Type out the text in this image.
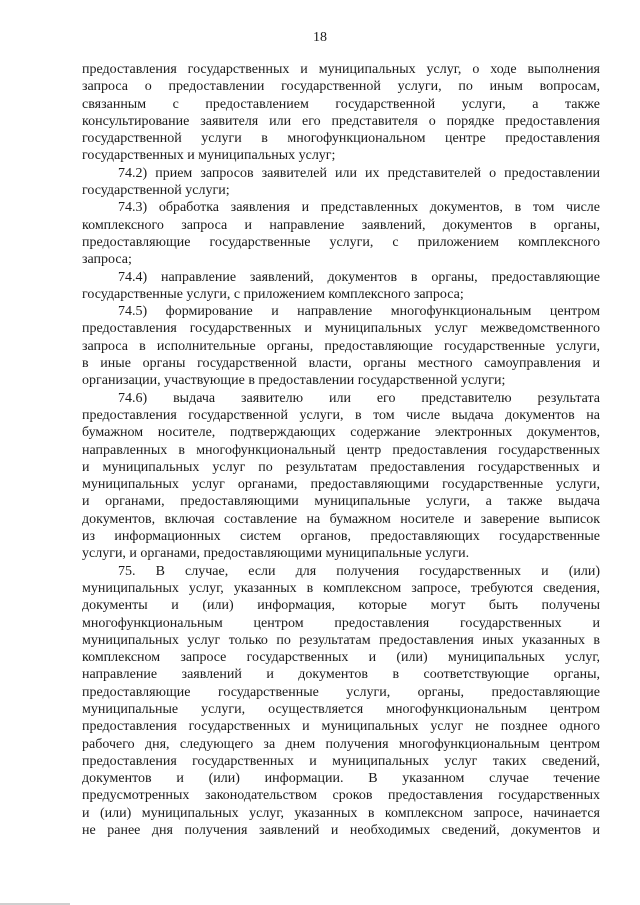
18
предоставления государственных и муниципальных услуг, о ходе выполнения
запроса о предоставлении государственной услуги, по иным вопросам,
связанным с предоставлением государственной услуги, а также
консультирование заявителя или его представителя о порядке предоставления
государственной услуги в многофункциональном центре предоставления
государственных и муниципальных услуг;
74.2) прием запросов заявителей или их представителей о предоставлении
государственной услуги;
74.3) обработка заявления и представленных документов, в том числе
комплексного запроса и направление заявлений, документов в органы,
предоставляющие государственные услуги, с приложением комплексного
запроса;
74.4) направление заявлений, документов в органы, предоставляющие
государственные услуги, с приложением комплексного запроса;
74.5) формирование и направление многофункциональным центром
предоставления государственных и муниципальных услуг межведомственного
запроса в исполнительные органы, предоставляющие государственные услуги,
в иные органы государственной власти, органы местного самоуправления и
организации, участвующие в предоставлении государственной услуги;
74.6) выдача заявителю или его представителю результата
предоставления государственной услуги, в том числе выдача документов на
бумажном носителе, подтверждающих содержание электронных документов,
направленных в многофункциональный центр предоставления государственных
и муниципальных услуг по результатам предоставления государственных и
муниципальных услуг органами, предоставляющими государственные услуги,
и органами, предоставляющими муниципальные услуги, а также выдача
документов, включая составление на бумажном носителе и заверение выписок
из информационных систем органов, предоставляющих государственные
услуги, и органами, предоставляющими муниципальные услуги.
75. В случае, если для получения государственных и (или)
муниципальных услуг, указанных в комплексном запросе, требуются сведения,
документы и (или) информация, которые могут быть получены
многофункциональным центром предоставления государственных и
муниципальных услуг только по результатам предоставления иных указанных в
комплексном запросе государственных и (или) муниципальных услуг,
направление заявлений и документов в соответствующие органы,
предоставляющие государственные услуги, органы, предоставляющие
муниципальные услуги, осуществляется многофункциональным центром
предоставления государственных и муниципальных услуг не позднее одного
рабочего дня, следующего за днем получения многофункциональным центром
предоставления государственных и муниципальных услуг таких сведений,
документов и (или) информации. В указанном случае течение
предусмотренных законодательством сроков предоставления государственных
и (или) муниципальных услуг, указанных в комплексном запросе, начинается
не ранее дня получения заявлений и необходимых сведений, документов и
